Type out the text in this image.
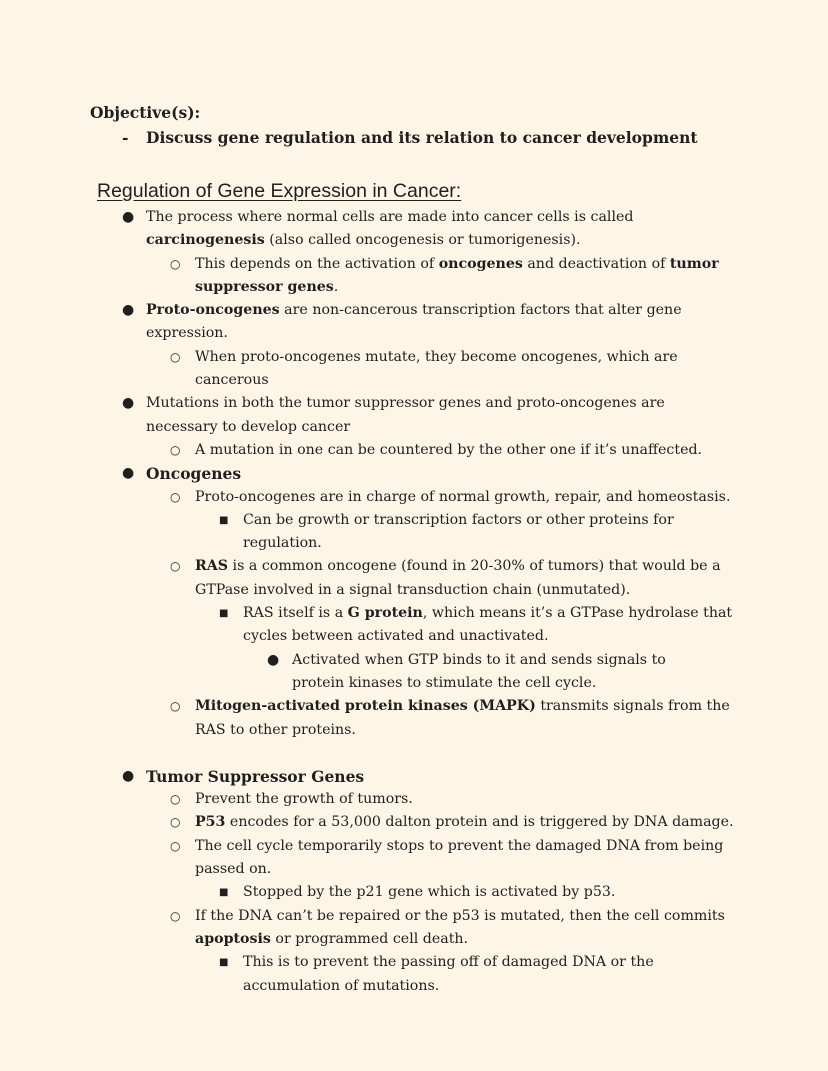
Objective(s):
- Discuss gene regulation and its relation to cancer development
Regulation of Gene Expression in Cancer:
● The process where normal cells are made into cancer cells is called carcinogenesis (also called oncogenesis or tumorigenesis).
○ This depends on the activation of oncogenes and deactivation of tumor suppressor genes.
● Proto-oncogenes are non-cancerous transcription factors that alter gene expression.
○ When proto-oncogenes mutate, they become oncogenes, which are cancerous
● Mutations in both the tumor suppressor genes and proto-oncogenes are necessary to develop cancer
○ A mutation in one can be countered by the other one if it’s unaffected.
● Oncogenes
○ Proto-oncogenes are in charge of normal growth, repair, and homeostasis.
■ Can be growth or transcription factors or other proteins for regulation.
○ RAS is a common oncogene (found in 20-30% of tumors) that would be a GTPase involved in a signal transduction chain (unmutated).
■ RAS itself is a G protein, which means it’s a GTPase hydrolase that cycles between activated and unactivated.
● Activated when GTP binds to it and sends signals to protein kinases to stimulate the cell cycle.
○ Mitogen-activated protein kinases (MAPK) transmits signals from the RAS to other proteins.
● Tumor Suppressor Genes
○ Prevent the growth of tumors.
○ P53 encodes for a 53,000 dalton protein and is triggered by DNA damage.
○ The cell cycle temporarily stops to prevent the damaged DNA from being passed on.
■ Stopped by the p21 gene which is activated by p53.
○ If the DNA can’t be repaired or the p53 is mutated, then the cell commits apoptosis or programmed cell death.
■ This is to prevent the passing off of damaged DNA or the accumulation of mutations.
